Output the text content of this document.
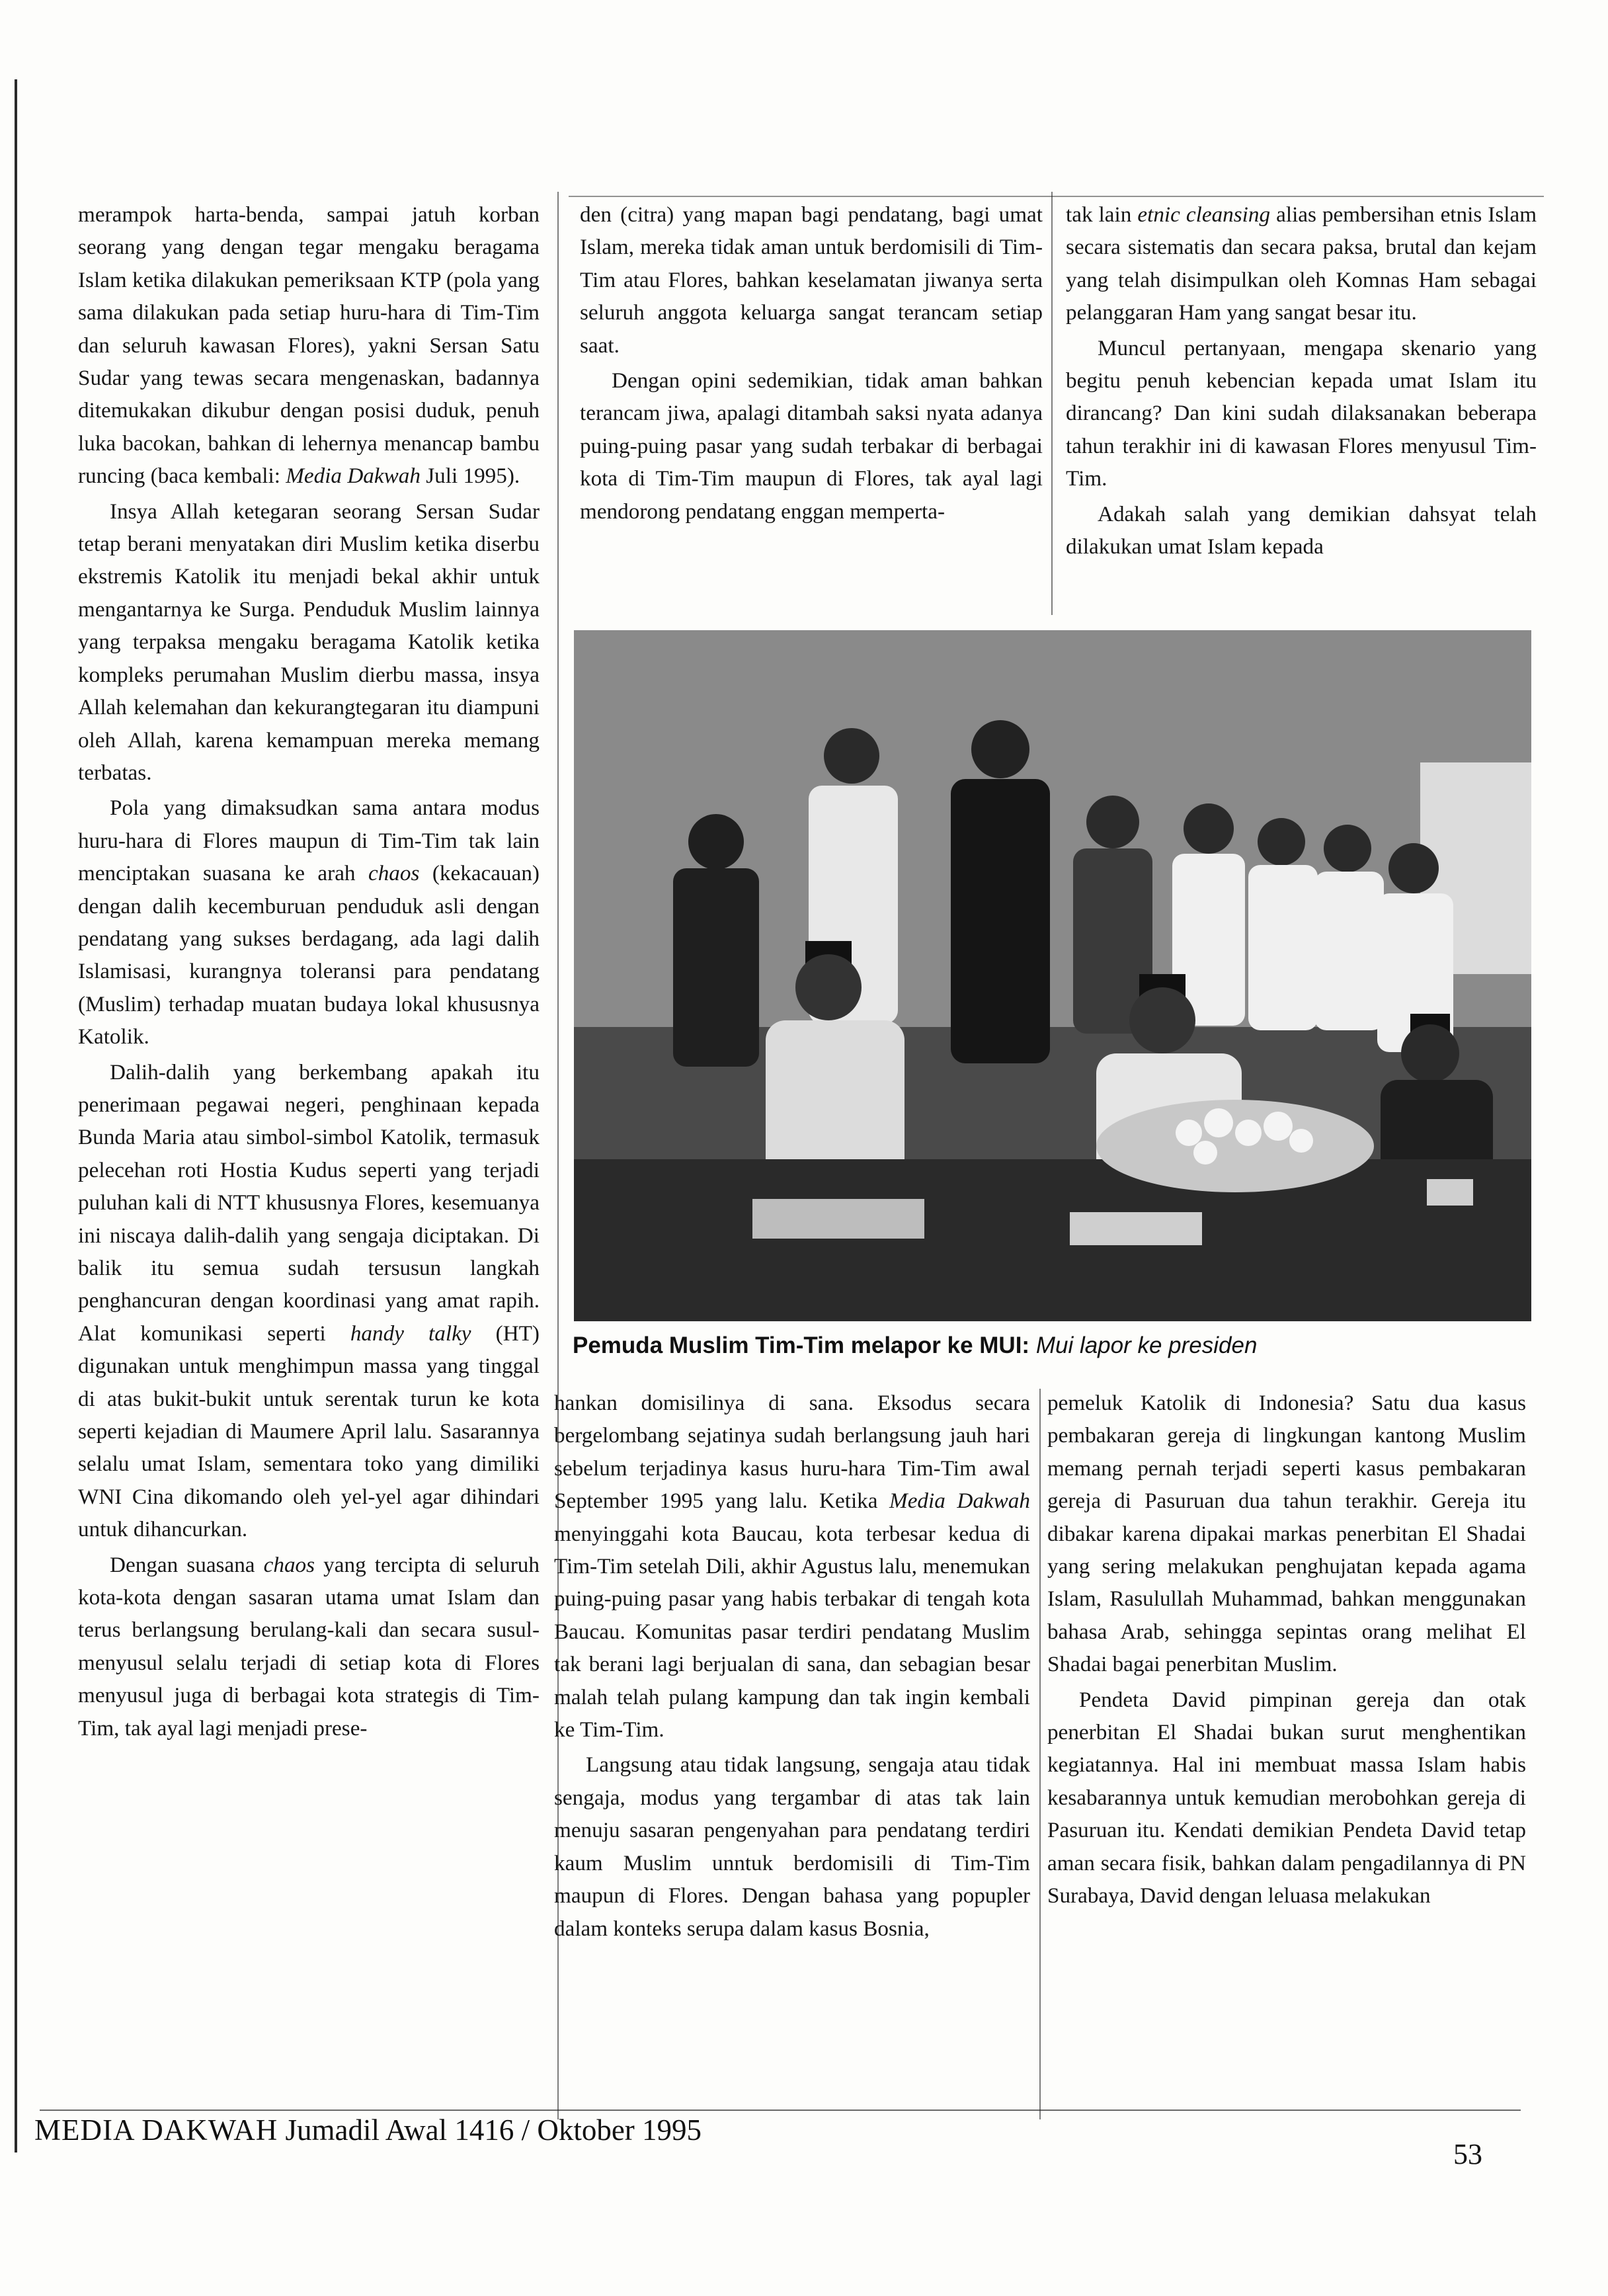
merampok harta-benda, sampai jatuh korban seorang yang dengan tegar mengaku beragama Islam ketika dilakukan pemeriksaan KTP (pola yang sama dilakukan pada setiap huru-hara di Tim-Tim dan seluruh kawasan Flores), yakni Sersan Satu Sudar yang tewas secara mengenaskan, badannya ditemukakan dikubur dengan posisi duduk, penuh luka bacokan, bahkan di lehernya menancap bambu runcing (baca kembali: Media Dakwah Juli 1995).

Insya Allah ketegaran seorang Sersan Sudar tetap berani menyatakan diri Muslim ketika diserbu ekstremis Katolik itu menjadi bekal akhir untuk mengantarnya ke Surga. Penduduk Muslim lainnya yang terpaksa mengaku beragama Katolik ketika kompleks perumahan Muslim dierbu massa, insya Allah kelemahan dan kekurangtegaran itu diampuni oleh Allah, karena kemampuan mereka memang terbatas.

Pola yang dimaksudkan sama antara modus huru-hara di Flores maupun di Tim-Tim tak lain menciptakan suasana ke arah chaos (kekacauan) dengan dalih kecemburuan penduduk asli dengan pendatang yang sukses berdagang, ada lagi dalih Islamisasi, kurangnya toleransi para pendatang (Muslim) terhadap muatan budaya lokal khususnya Katolik.

Dalih-dalih yang berkembang apakah itu penerimaan pegawai negeri, penghinaan kepada Bunda Maria atau simbol-simbol Katolik, termasuk pelecehan roti Hostia Kudus seperti yang terjadi puluhan kali di NTT khususnya Flores, kesemuanya ini niscaya dalih-dalih yang sengaja diciptakan. Di balik itu semua sudah tersusun langkah penghancuran dengan koordinasi yang amat rapih. Alat komunikasi seperti handy talky (HT) digunakan untuk menghimpun massa yang tinggal di atas bukit-bukit untuk serentak turun ke kota seperti kejadian di Maumere April lalu. Sasarannya selalu umat Islam, sementara toko yang dimiliki WNI Cina dikomando oleh yel-yel agar dihindari untuk dihancurkan.

Dengan suasana chaos yang tercipta di seluruh kota-kota dengan sasaran utama umat Islam dan terus berlangsung berulang-kali dan secara susul-menyusul selalu terjadi di setiap kota di Flores menyusul juga di berbagai kota strategis di Tim-Tim, tak ayal lagi menjadi prese-

den (citra) yang mapan bagi pendatang, bagi umat Islam, mereka tidak aman untuk berdomisili di Tim-Tim atau Flores, bahkan keselamatan jiwanya serta seluruh anggota keluarga sangat terancam setiap saat.

Dengan opini sedemikian, tidak aman bahkan terancam jiwa, apalagi ditambah saksi nyata adanya puing-puing pasar yang sudah terbakar di berbagai kota di Tim-Tim maupun di Flores, tak ayal lagi mendorong pendatang enggan memperta-

tak lain etnic cleansing alias pembersihan etnis Islam secara sistematis dan secara paksa, brutal dan kejam yang telah disimpulkan oleh Komnas Ham sebagai pelanggaran Ham yang sangat besar itu.

Muncul pertanyaan, mengapa skenario yang begitu penuh kebencian kepada umat Islam itu dirancang? Dan kini sudah dilaksanakan beberapa tahun terakhir ini di kawasan Flores menyusul Tim-Tim.

Adakah salah yang demikian dahsyat telah dilakukan umat Islam kepada

Pemuda Muslim Tim-Tim melapor ke MUI: Mui lapor ke presiden

hankan domisilinya di sana. Eksodus secara bergelombang sejatinya sudah berlangsung jauh hari sebelum terjadinya kasus huru-hara Tim-Tim awal September 1995 yang lalu. Ketika Media Dakwah menyinggahi kota Baucau, kota terbesar kedua di Tim-Tim setelah Dili, akhir Agustus lalu, menemukan puing-puing pasar yang habis terbakar di tengah kota Baucau. Komunitas pasar terdiri pendatang Muslim tak berani lagi berjualan di sana, dan sebagian besar malah telah pulang kampung dan tak ingin kembali ke Tim-Tim.

Langsung atau tidak langsung, sengaja atau tidak sengaja, modus yang tergambar di atas tak lain menuju sasaran pengenyahan para pendatang terdiri kaum Muslim unntuk berdomisili di Tim-Tim maupun di Flores. Dengan bahasa yang popupler dalam konteks serupa dalam kasus Bosnia,

pemeluk Katolik di Indonesia? Satu dua kasus pembakaran gereja di lingkungan kantong Muslim memang pernah terjadi seperti kasus pembakaran gereja di Pasuruan dua tahun terakhir. Gereja itu dibakar karena dipakai markas penerbitan El Shadai yang sering melakukan penghujatan kepada agama Islam, Rasulullah Muhammad, bahkan menggunakan bahasa Arab, sehingga sepintas orang melihat El Shadai bagai penerbitan Muslim.

Pendeta David pimpinan gereja dan otak penerbitan El Shadai bukan surut menghentikan kegiatannya. Hal ini membuat massa Islam habis kesabarannya untuk kemudian merobohkan gereja di Pasuruan itu. Kendati demikian Pendeta David tetap aman secara fisik, bahkan dalam pengadilannya di PN Surabaya, David dengan leluasa melakukan

MEDIA DAKWAH Jumadil Awal 1416 / Oktober 1995
53
